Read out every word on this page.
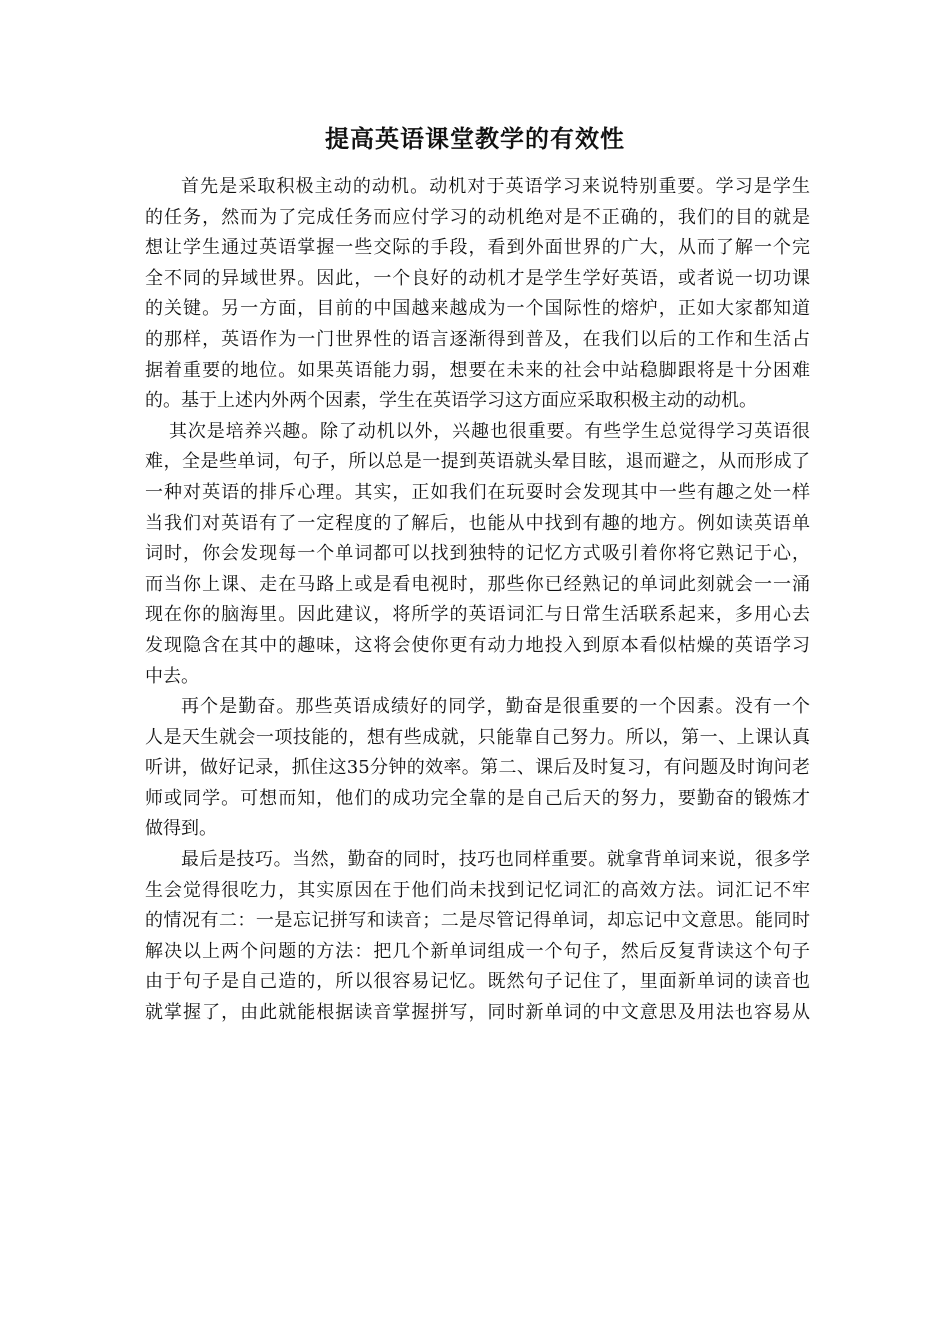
提高英语课堂教学的有效性
首先是采取积极主动的动机。动机对于英语学习来说特别重要。学习是学生
的任务，然而为了完成任务而应付学习的动机绝对是不正确的，我们的目的就是
想让学生通过英语掌握一些交际的手段，看到外面世界的广大，从而了解一个完
全不同的异域世界。因此，一个良好的动机才是学生学好英语，或者说一切功课
的关键。另一方面，目前的中国越来越成为一个国际性的熔炉，正如大家都知道
的那样，英语作为一门世界性的语言逐渐得到普及，在我们以后的工作和生活占
据着重要的地位。如果英语能力弱，想要在未来的社会中站稳脚跟将是十分困难
的。基于上述内外两个因素，学生在英语学习这方面应采取积极主动的动机。
其次是培养兴趣。除了动机以外，兴趣也很重要。有些学生总觉得学习英语很
难，全是些单词，句子，所以总是一提到英语就头晕目眩，退而避之，从而形成了
一种对英语的排斥心理。其实，正如我们在玩耍时会发现其中一些有趣之处一样
当我们对英语有了一定程度的了解后，也能从中找到有趣的地方。例如读英语单
词时，你会发现每一个单词都可以找到独特的记忆方式吸引着你将它熟记于心，
而当你上课、走在马路上或是看电视时，那些你已经熟记的单词此刻就会一一涌
现在你的脑海里。因此建议，将所学的英语词汇与日常生活联系起来，多用心去
发现隐含在其中的趣味，这将会使你更有动力地投入到原本看似枯燥的英语学习
中去。
再个是勤奋。那些英语成绩好的同学，勤奋是很重要的一个因素。没有一个
人是天生就会一项技能的，想有些成就，只能靠自己努力。所以，第一、上课认真
听讲，做好记录，抓住这35分钟的效率。第二、课后及时复习，有问题及时询问老
师或同学。可想而知，他们的成功完全靠的是自己后天的努力，要勤奋的锻炼才
做得到。
最后是技巧。当然，勤奋的同时，技巧也同样重要。就拿背单词来说，很多学
生会觉得很吃力，其实原因在于他们尚未找到记忆词汇的高效方法。词汇记不牢
的情况有二：一是忘记拼写和读音；二是尽管记得单词，却忘记中文意思。能同时
解决以上两个问题的方法：把几个新单词组成一个句子，然后反复背读这个句子
由于句子是自己造的，所以很容易记忆。既然句子记住了，里面新单词的读音也
就掌握了，由此就能根据读音掌握拼写，同时新单词的中文意思及用法也容易从
